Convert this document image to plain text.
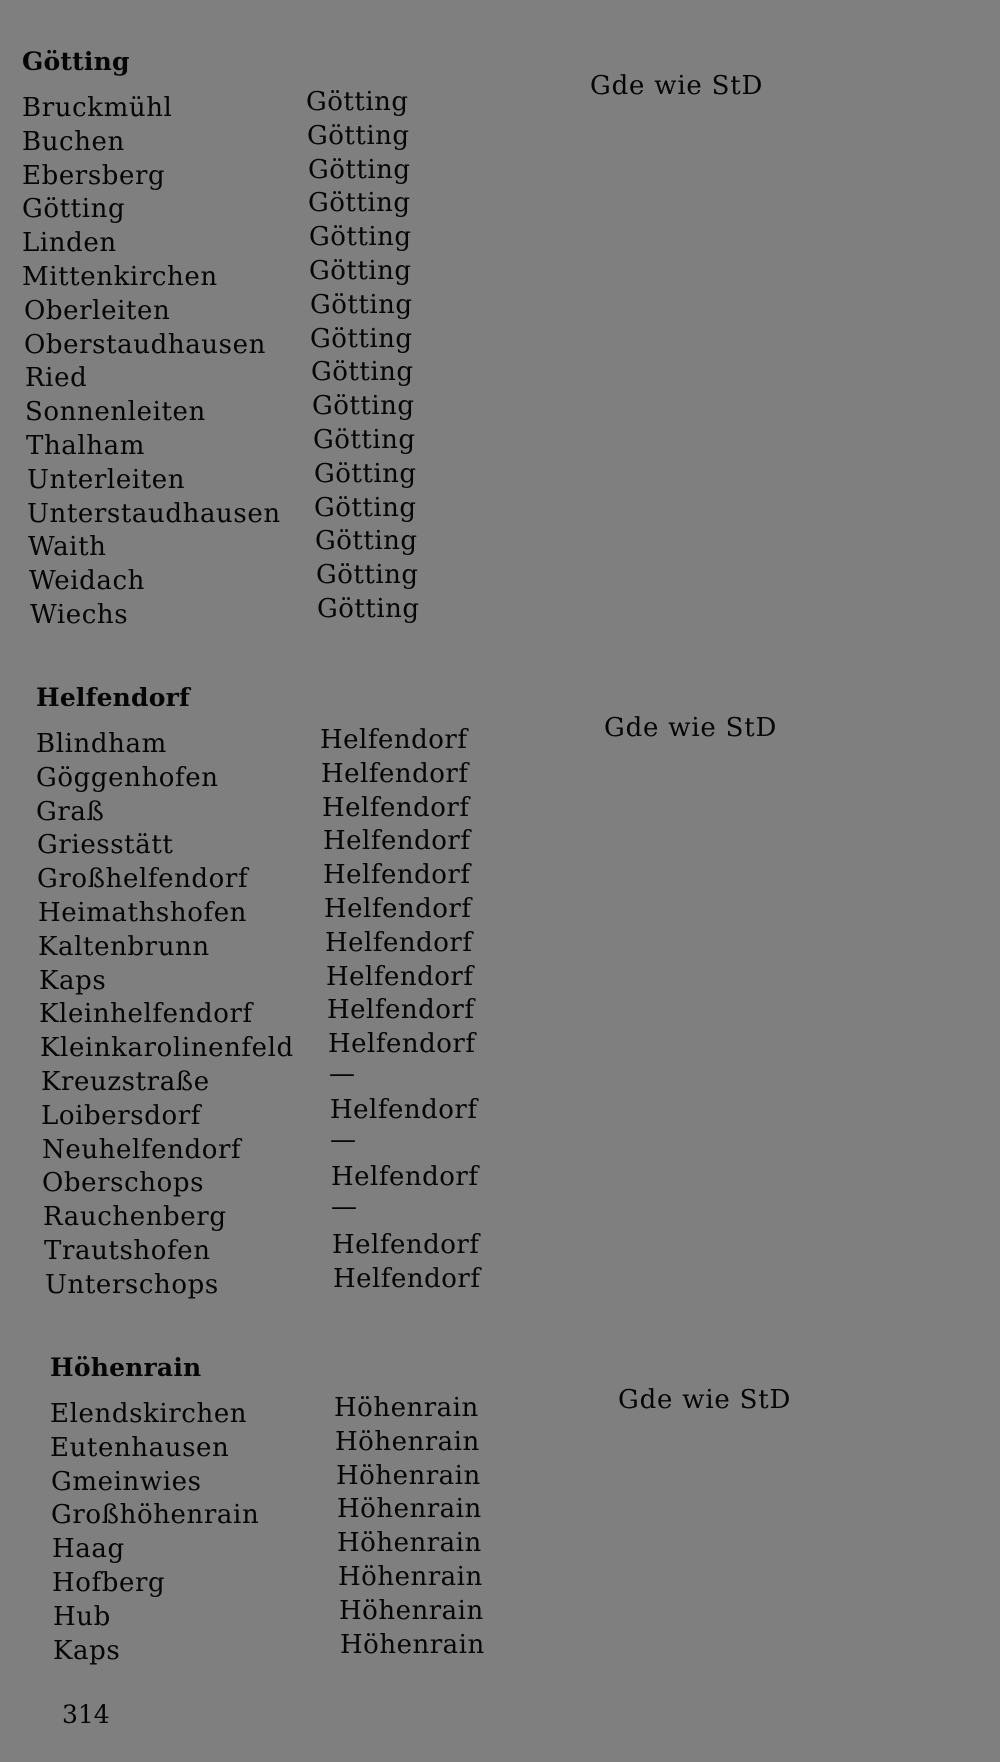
Götting
Gde wie StD
Bruckmühl	Götting
Buchen	Götting
Ebersberg	Götting
Götting	Götting
Linden	Götting
Mittenkirchen	Götting
Oberleiten	Götting
Oberstaudhausen Götting
Ried	Götting
Sonnenleiten	Götting
Thalham	Götting
Unterleiten	Götting
Unterstaudhausen Götting
Waith	Götting
Weidach	Götting
Wiechs	Götting
Helfendorf
Gde wie StD
Blindham	Helfendorf
Göggenhofen	Helfendorf
Graß	Helfendorf
Griesstätt	Helfendorf
Großhelfendorf	Helfendorf
Heimathshofen	Helfendorf
Kaltenbrunn	Helfendorf
Kaps	Helfendorf
Kleinhelfendorf	Helfendorf
Kleinkarolinenfeld Helfendorf
Kreuzstraße	—
Loibersdorf	Helfendorf
Neuhelfendorf	—
Oberschops	Helfendorf
Rauchenberg	—
Trautshofen	Helfendorf
Unterschops	Helfendorf
Höhenrain
Gde wie StD
Elendskirchen	Höhenrain
Eutenhausen	Höhenrain
Gmeinwies	Höhenrain
Großhöhenrain	Höhenrain
Haag	Höhenrain
Hofberg	Höhenrain
Hub	Höhenrain
Kaps	Höhenrain
314
